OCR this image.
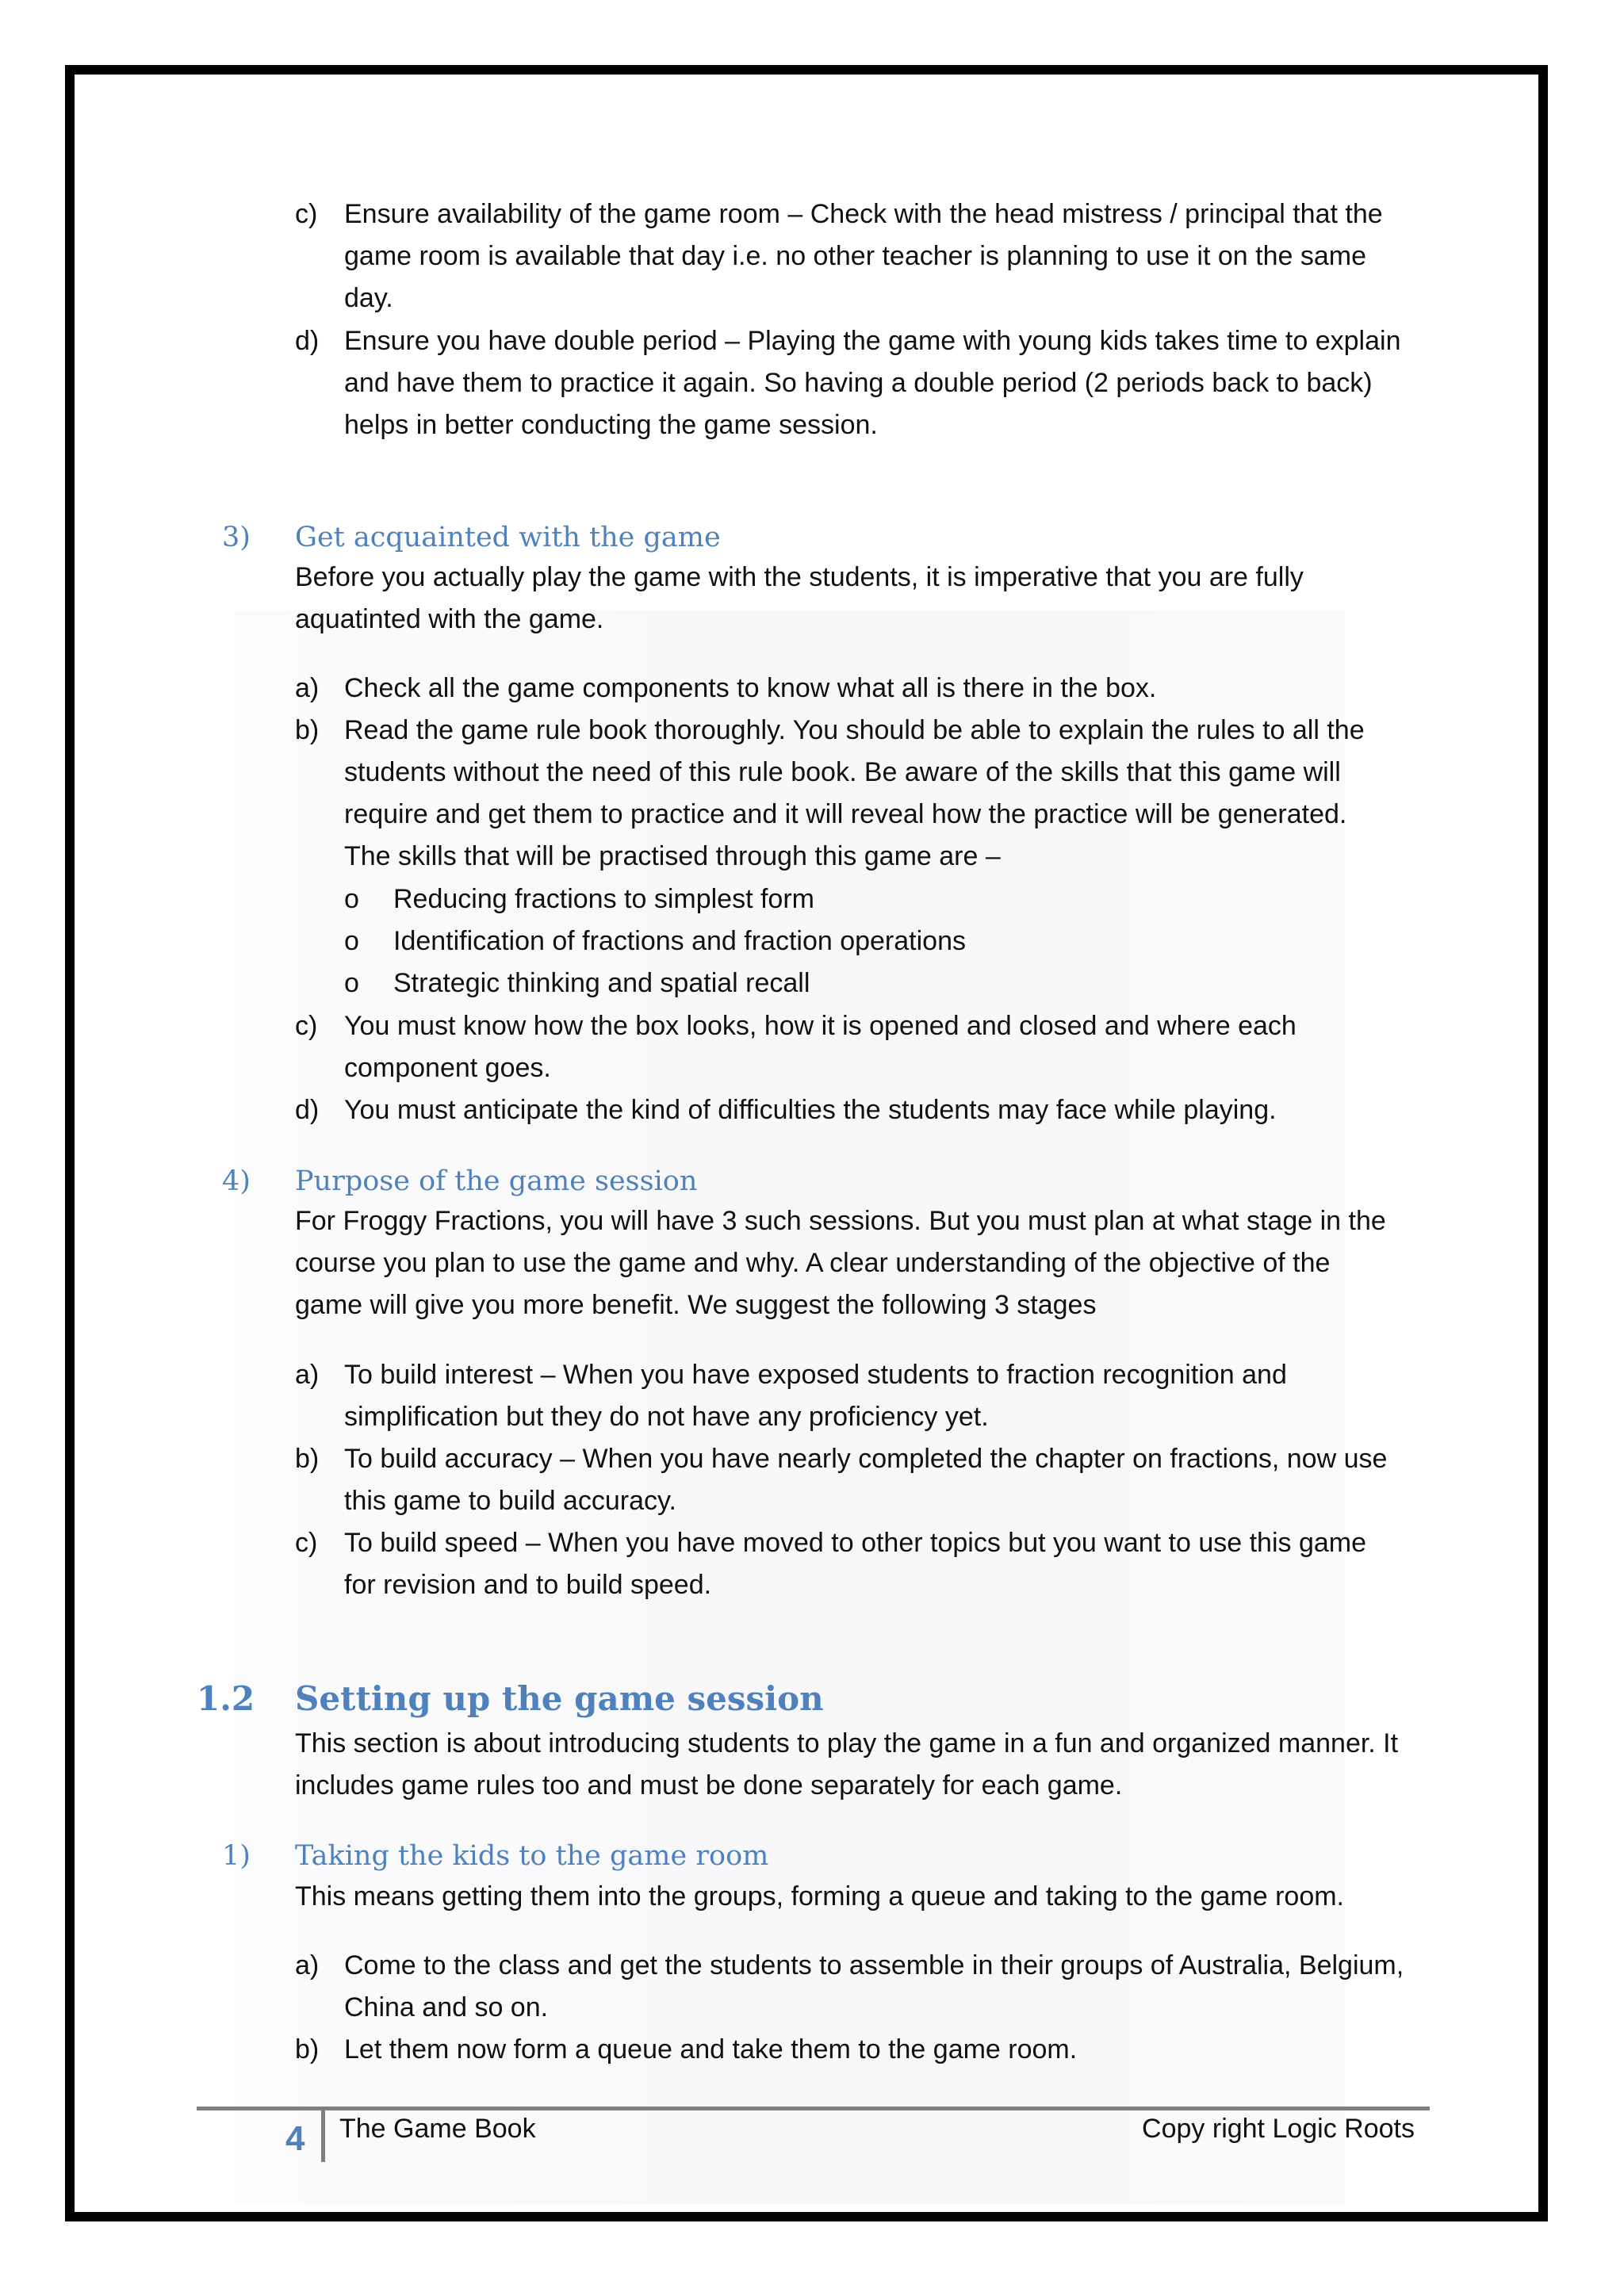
c) Ensure availability of the game room – Check with the head mistress / principal that the
game room is available that day i.e. no other teacher is planning to use it on the same
day.
d) Ensure you have double period – Playing the game with young kids takes time to explain
and have them to practice it again. So having a double period (2 periods back to back)
helps in better conducting the game session.
3) Get acquainted with the game
Before you actually play the game with the students, it is imperative that you are fully
aquatinted with the game.
a) Check all the game components to know what all is there in the box.
b) Read the game rule book thoroughly. You should be able to explain the rules to all the
students without the need of this rule book. Be aware of the skills that this game will
require and get them to practice and it will reveal how the practice will be generated.
The skills that will be practised through this game are –
o Reducing fractions to simplest form
o Identification of fractions and fraction operations
o Strategic thinking and spatial recall
c) You must know how the box looks, how it is opened and closed and where each
component goes.
d) You must anticipate the kind of difficulties the students may face while playing.
4) Purpose of the game session
For Froggy Fractions, you will have 3 such sessions. But you must plan at what stage in the
course you plan to use the game and why. A clear understanding of the objective of the
game will give you more benefit. We suggest the following 3 stages
a) To build interest – When you have exposed students to fraction recognition and
simplification but they do not have any proficiency yet.
b) To build accuracy – When you have nearly completed the chapter on fractions, now use
this game to build accuracy.
c) To build speed – When you have moved to other topics but you want to use this game
for revision and to build speed.
1.2 Setting up the game session
This section is about introducing students to play the game in a fun and organized manner. It
includes game rules too and must be done separately for each game.
1) Taking the kids to the game room
This means getting them into the groups, forming a queue and taking to the game room.
a) Come to the class and get the students to assemble in their groups of Australia, Belgium,
China and so on.
b) Let them now form a queue and take them to the game room.
4 The Game Book	Copy right Logic Roots
